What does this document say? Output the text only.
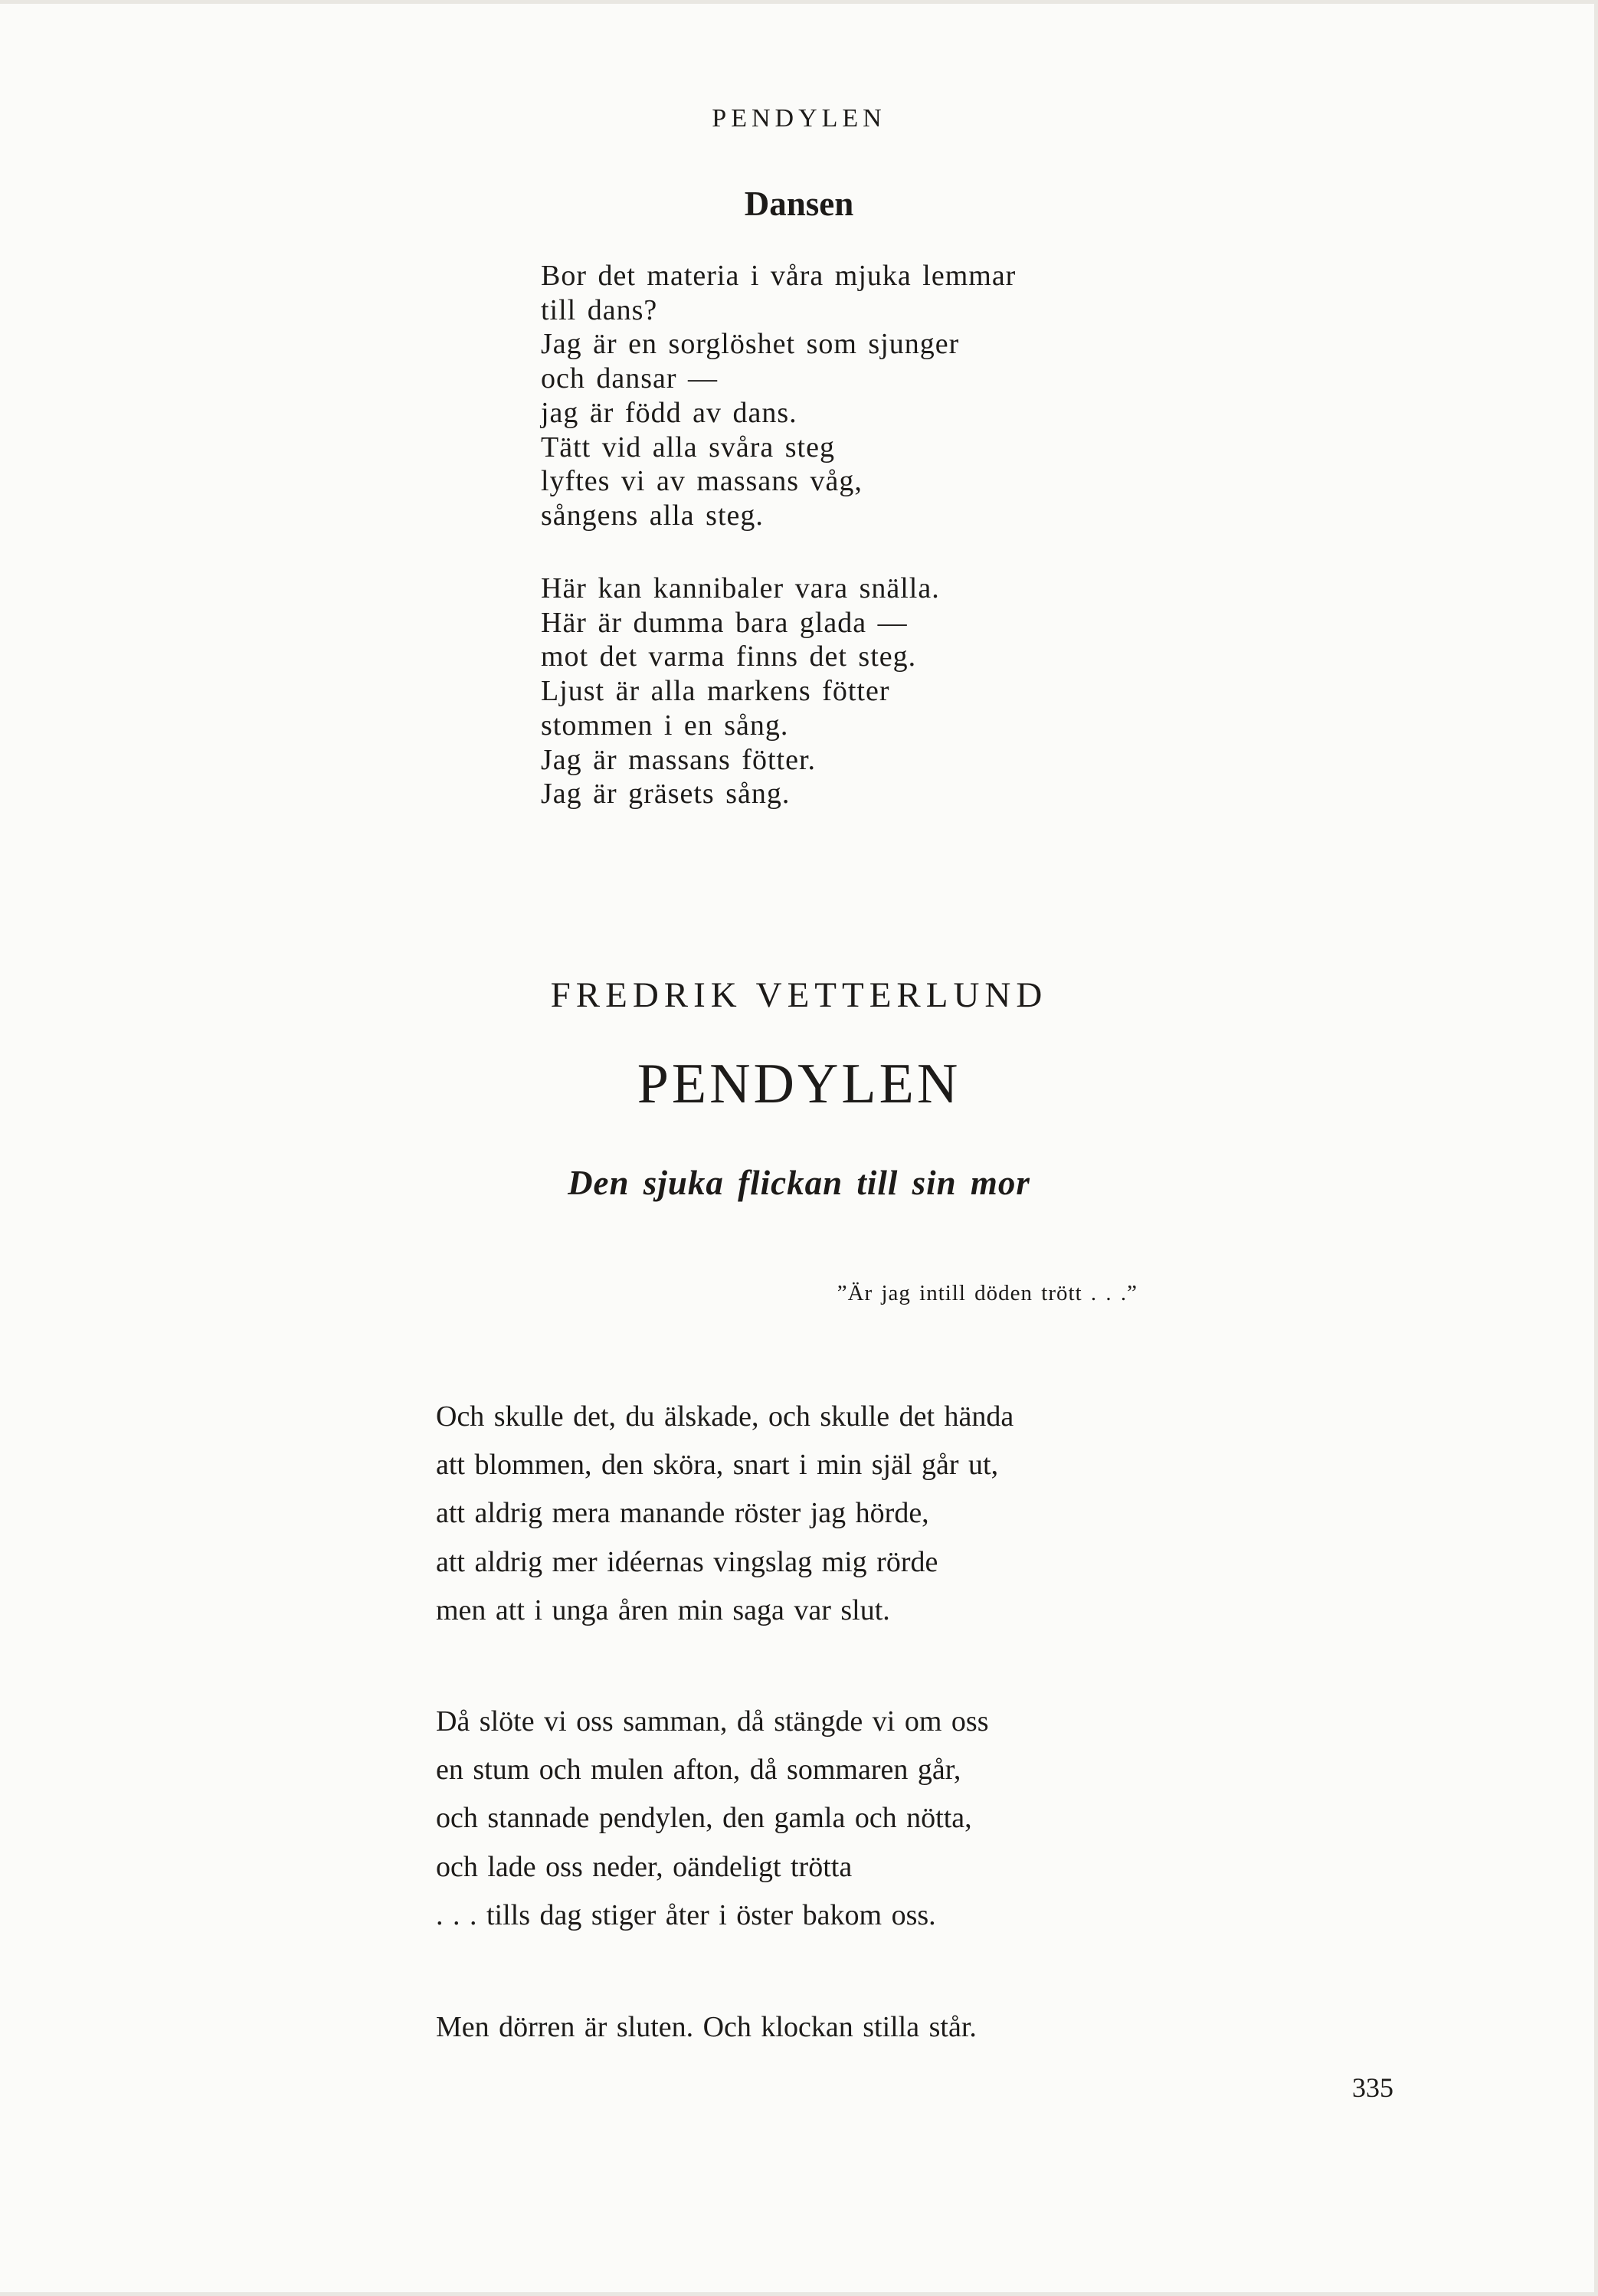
PENDYLEN
Dansen
Bor det materia i våra mjuka lemmar
till dans?
Jag är en sorglöshet som sjunger
och dansar —
jag är född av dans.
Tätt vid alla svåra steg
lyftes vi av massans våg,
sångens alla steg.
Här kan kannibaler vara snälla.
Här är dumma bara glada —
mot det varma finns det steg.
Ljust är alla markens fötter
stommen i en sång.
Jag är massans fötter.
Jag är gräsets sång.
FREDRIK VETTERLUND
PENDYLEN
Den sjuka flickan till sin mor
”Är jag intill döden trött . . .”
Och skulle det, du älskade, och skulle det hända
att blommen, den sköra, snart i min själ går ut,
att aldrig mera manande röster jag hörde,
att aldrig mer idéernas vingslag mig rörde
men att i unga åren min saga var slut.
Då slöte vi oss samman, då stängde vi om oss
en stum och mulen afton, då sommaren går,
och stannade pendylen, den gamla och nötta,
och lade oss neder, oändeligt trötta
. . . tills dag stiger åter i öster bakom oss.
Men dörren är sluten. Och klockan stilla står.
335
